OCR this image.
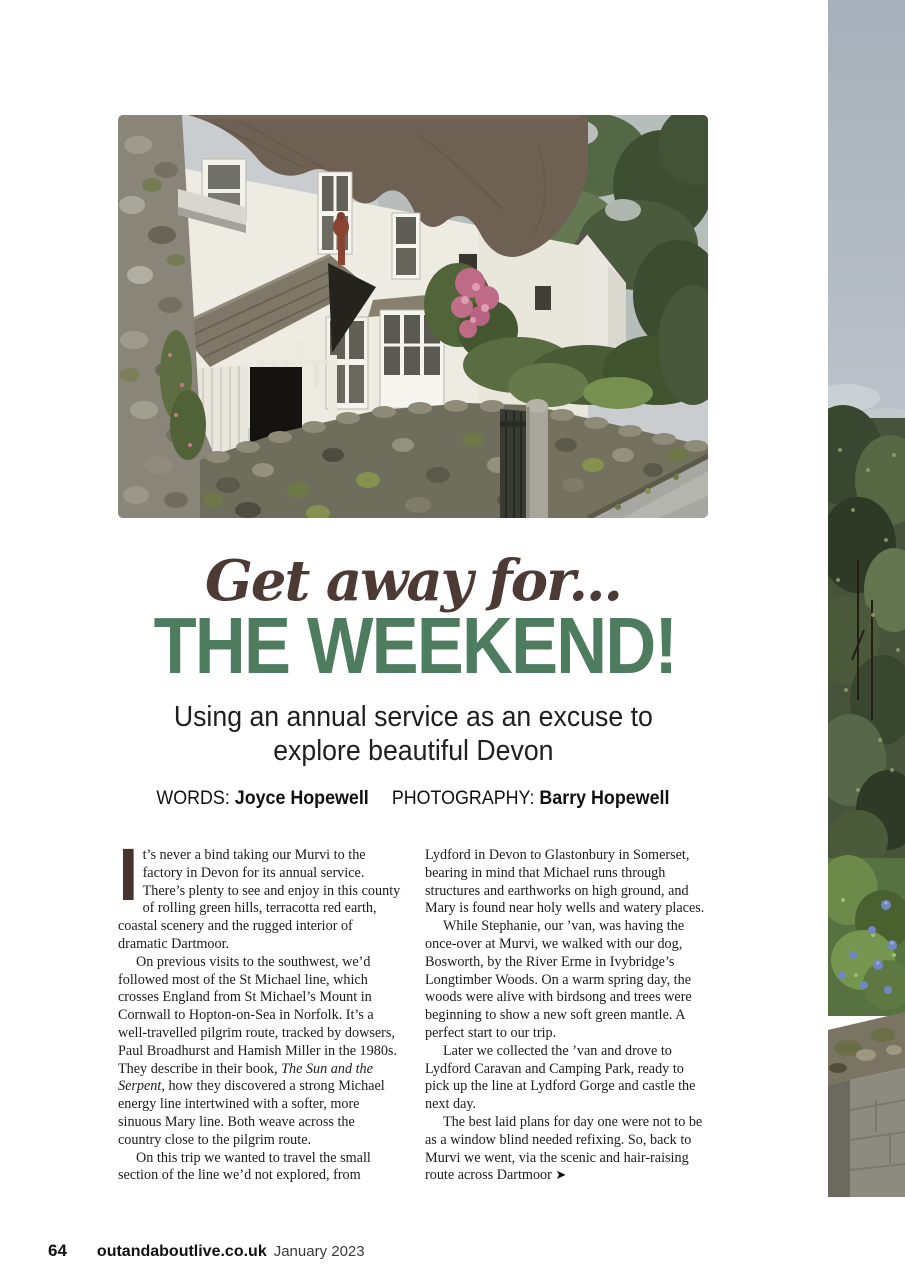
Get away for...
THE WEEKEND!
Using an annual service as an excuse to
explore beautiful Devon
WORDS: Joyce Hopewell PHOTOGRAPHY: Barry Hopewell

It’s never a bind taking our Murvi to the factory in Devon for its annual service. There’s plenty to see and enjoy in this county of rolling green hills, terracotta red earth, coastal scenery and the rugged interior of dramatic Dartmoor.

On previous visits to the southwest, we’d followed most of the St Michael line, which crosses England from St Michael’s Mount in Cornwall to Hopton-on-Sea in Norfolk. It’s a well-travelled pilgrim route, tracked by dowsers, Paul Broadhurst and Hamish Miller in the 1980s. They describe in their book, The Sun and the Serpent, how they discovered a strong Michael energy line intertwined with a softer, more sinuous Mary line. Both weave across the country close to the pilgrim route.

On this trip we wanted to travel the small section of the line we’d not explored, from

Lydford in Devon to Glastonbury in Somerset, bearing in mind that Michael runs through structures and earthworks on high ground, and Mary is found near holy wells and watery places.

While Stephanie, our ’van, was having the once-over at Murvi, we walked with our dog, Bosworth, by the River Erme in Ivybridge’s Longtimber Woods. On a warm spring day, the woods were alive with birdsong and trees were beginning to show a new soft green mantle. A perfect start to our trip.

Later we collected the ’van and drove to Lydford Caravan and Camping Park, ready to pick up the line at Lydford Gorge and castle the next day.

The best laid plans for day one were not to be as a window blind needed refixing. So, back to Murvi we went, via the scenic and hair-raising route across Dartmoor ➤

64 outandaboutlive.co.uk January 2023
